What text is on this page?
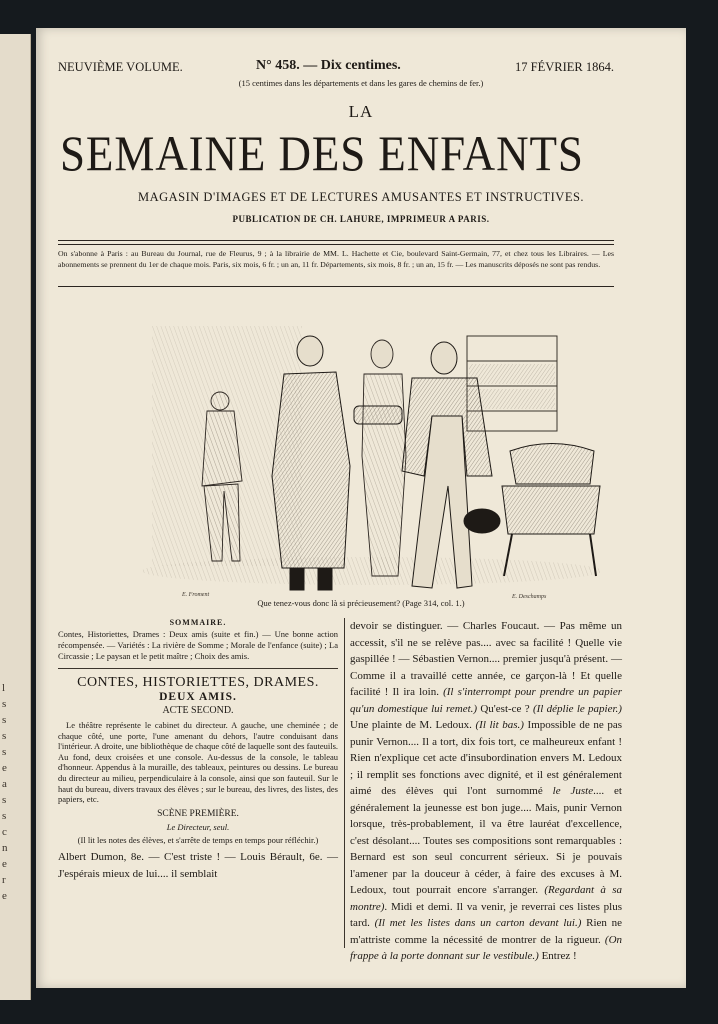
l
s
s
s
s
e
a
s
s
c
n
e
r
e
NEUVIÈME VOLUME.	N° 458. — Dix centimes.	17 FÉVRIER 1864.
(15 centimes dans les départements et dans les gares de chemins de fer.)
LA
SEMAINE DES ENFANTS
MAGASIN D'IMAGES ET DE LECTURES AMUSANTES ET INSTRUCTIVES.
PUBLICATION DE CH. LAHURE, IMPRIMEUR A PARIS.
On s'abonne à Paris : au Bureau du Journal, rue de Fleurus, 9 ; à la librairie de MM. L. Hachette et Cie, boulevard Saint-Germain, 77, et chez tous les Libraires. — Les abonnements se prennent du 1er de chaque mois. Paris, six mois, 6 fr. ; un an, 11 fr. Départements, six mois, 8 fr. ; un an, 15 fr. — Les manuscrits déposés ne sont pas rendus.
E. Froment	E. Deschamps
Que tenez-vous donc là si précieusement? (Page 314, col. 1.)

SOMMAIRE.

Contes, Historiettes, Drames : Deux amis (suite et fin.) — Une bonne action récompensée. — Variétés : La rivière de Somme ; Morale de l'enfance (suite) ; La Circassie ; Le paysan et le petit maître ; Choix des amis.

CONTES, HISTORIETTES, DRAMES.

DEUX AMIS.

ACTE SECOND.

Le théâtre représente le cabinet du directeur. A gauche, une cheminée ; de chaque côté, une porte, l'une amenant du dehors, l'autre conduisant dans l'intérieur. A droite, une bibliothèque de chaque côté de laquelle sont des fauteuils. Au fond, deux croisées et une console. Au-dessus de la console, le tableau d'honneur. Appendus à la muraille, des tableaux, peintures ou dessins. Le bureau du directeur au milieu, perpendiculaire à la console, ainsi que son fauteuil. Sur le haut du bureau, divers travaux des élèves ; sur le bureau, des livres, des listes, des papiers, etc.

SCÈNE PREMIÈRE.

Le Directeur, seul.

(Il lit les notes des élèves, et s'arrête de temps en temps pour réfléchir.)

Albert Dumon, 8e. — C'est triste ! — Louis Bérault, 6e. — J'espérais mieux de lui.... il semblait

devoir se distinguer. — Charles Foucaut. — Pas même un accessit, s'il ne se relève pas.... avec sa facilité ! Quelle vie gaspillée ! — Sébastien Vernon.... premier jusqu'à présent. — Comme il a travaillé cette année, ce garçon-là ! Et quelle facilité ! Il ira loin. (Il s'interrompt pour prendre un papier qu'un domestique lui remet.) Qu'est-ce ? (Il déplie le papier.) Une plainte de M. Ledoux. (Il lit bas.) Impossible de ne pas punir Vernon.... Il a tort, dix fois tort, ce malheureux enfant ! Rien n'explique cet acte d'insubordination envers M. Ledoux ; il remplit ses fonctions avec dignité, et il est généralement aimé des élèves qui l'ont surnommé le Juste.... et généralement la jeunesse est bon juge.... Mais, punir Vernon lorsque, très-probablement, il va être lauréat d'excellence, c'est désolant.... Toutes ses compositions sont remarquables : Bernard est son seul concurrent sérieux. Si je pouvais l'amener par la douceur à céder, à faire des excuses à M. Ledoux, tout pourrait encore s'arranger. (Regardant à sa montre). Midi et demi. Il va venir, je reverrai ces listes plus tard. (Il met les listes dans un carton devant lui.) Rien ne m'attriste comme la nécessité de montrer de la rigueur. (On frappe à la porte donnant sur le vestibule.) Entrez !
